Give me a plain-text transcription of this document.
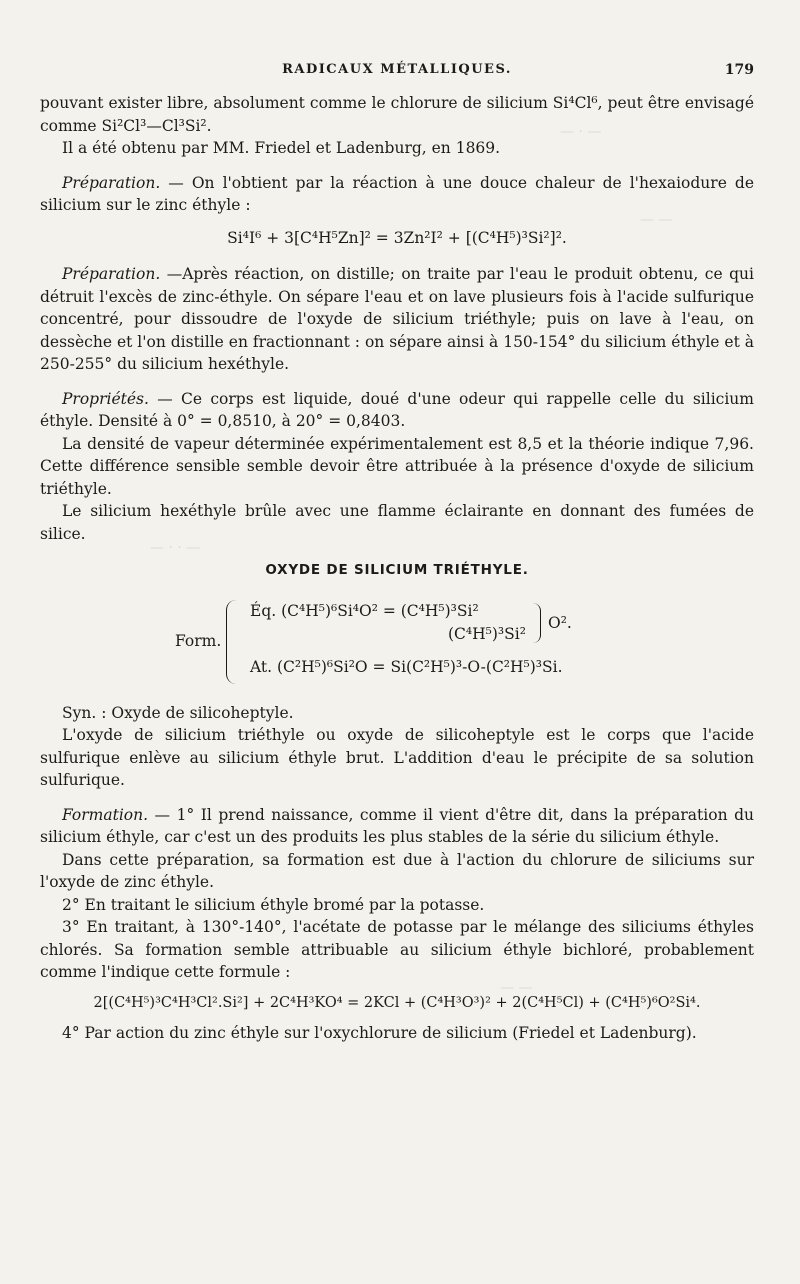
— · —
— —
— · · —
— —
RADICAUX MÉTALLIQUES.	179

pouvant exister libre, absolument comme le chlorure de silicium Si⁴Cl⁶, peut être envisagé comme Si²Cl³—Cl³Si².

Il a été obtenu par MM. Friedel et Ladenburg, en 1869.

Préparation. — On l'obtient par la réaction à une douce chaleur de l'hexaiodure de silicium sur le zinc éthyle :

Si⁴I⁶ + 3[C⁴H⁵Zn]² = 3Zn²I² + [(C⁴H⁵)³Si²]².

Préparation. —Après réaction, on distille; on traite par l'eau le produit obtenu, ce qui détruit l'excès de zinc-éthyle. On sépare l'eau et on lave plusieurs fois à l'acide sulfurique concentré, pour dissoudre de l'oxyde de silicium triéthyle; puis on lave à l'eau, on dessèche et l'on distille en fractionnant : on sépare ainsi à 150-154° du silicium éthyle et à 250-255° du silicium hexéthyle.

Propriétés. — Ce corps est liquide, doué d'une odeur qui rappelle celle du silicium éthyle. Densité à 0° = 0,8510, à 20° = 0,8403.

La densité de vapeur déterminée expérimentalement est 8,5 et la théorie indique 7,96. Cette différence sensible semble devoir être attribuée à la présence d'oxyde de silicium triéthyle.

Le silicium hexéthyle brûle avec une flamme éclairante en donnant des fumées de silice.

OXYDE DE SILICIUM TRIÉTHYLE.
Form.
Éq. (C⁴H⁵)⁶Si⁴O² = (C⁴H⁵)³Si²
(C⁴H⁵)³Si²
O².
At. (C²H⁵)⁶Si²O = Si(C²H⁵)³-O-(C²H⁵)³Si.

Syn. : Oxyde de silicoheptyle.

L'oxyde de silicium triéthyle ou oxyde de silicoheptyle est le corps que l'acide sulfurique enlève au silicium éthyle brut. L'addition d'eau le précipite de sa solution sulfurique.

Formation. — 1° Il prend naissance, comme il vient d'être dit, dans la préparation du silicium éthyle, car c'est un des produits les plus stables de la série du silicium éthyle.

Dans cette préparation, sa formation est due à l'action du chlorure de siliciums sur l'oxyde de zinc éthyle.

2° En traitant le silicium éthyle bromé par la potasse.

3° En traitant, à 130°-140°, l'acétate de potasse par le mélange des siliciums éthyles chlorés. Sa formation semble attribuable au silicium éthyle bichloré, probablement comme l'indique cette formule :

2[(C⁴H⁵)³C⁴H³Cl².Si²] + 2C⁴H³KO⁴ = 2KCl + (C⁴H³O³)² + 2(C⁴H⁵Cl) + (C⁴H⁵)⁶O²Si⁴.

4° Par action du zinc éthyle sur l'oxychlorure de silicium (Friedel et Ladenburg).
